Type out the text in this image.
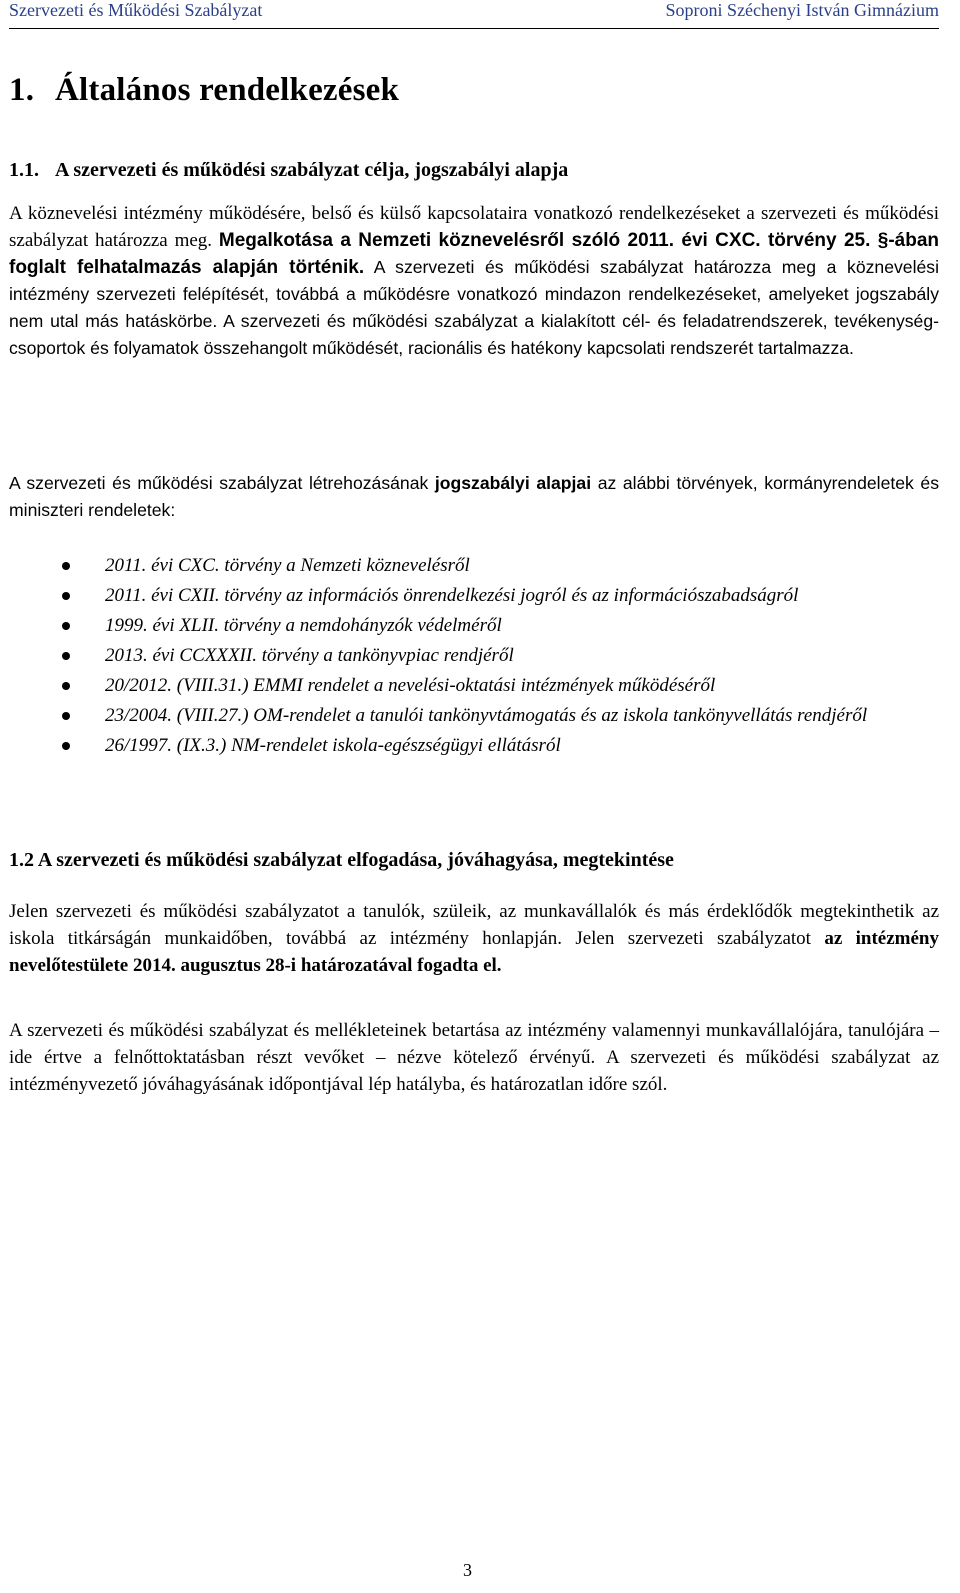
Szervezeti és Működési Szabályzat	Soproni Széchenyi István Gimnázium
1. Általános rendelkezések
1.1. A szervezeti és működési szabályzat célja, jogszabályi alapja

A köznevelési intézmény működésére, belső és külső kapcsolataira vonatkozó rendelkezéseket a szervezeti és működési szabályzat határozza meg. Megalkotása a Nemzeti köznevelésről szóló 2011. évi CXC. törvény 25. §-ában foglalt felhatalmazás alapján történik. A szervezeti és működési szabályzat határozza meg a köznevelési intézmény szervezeti felépítését, továbbá a működésre vonatkozó mindazon rendelkezéseket, amelyeket jogszabály nem utal más hatáskörbe. A szervezeti és működési szabályzat a kialakított cél- és feladatrendszerek, tevékenység-csoportok és folyamatok összehangolt működését, racionális és hatékony kapcsolati rendszerét tartalmazza.

A szervezeti és működési szabályzat létrehozásának jogszabályi alapjai az alábbi törvények, kormányrendeletek és miniszteri rendeletek:

2011. évi CXC. törvény a Nemzeti köznevelésről
2011. évi CXII. törvény az információs önrendelkezési jogról és az információszabadságról
1999. évi XLII. törvény a nemdohányzók védelméről
2013. évi CCXXXII. törvény a tankönyvpiac rendjéről
20/2012. (VIII.31.) EMMI rendelet a nevelési-oktatási intézmények működéséről
23/2004. (VIII.27.) OM-rendelet a tanulói tankönyvtámogatás és az iskola tankönyvellátás rendjéről
26/1997. (IX.3.) NM-rendelet iskola-egészségügyi ellátásról
1.2 A szervezeti és működési szabályzat elfogadása, jóváhagyása, megtekintése

Jelen szervezeti és működési szabályzatot a tanulók, szüleik, az munkavállalók és más érdeklődők megtekinthetik az iskola titkárságán munkaidőben, továbbá az intézmény honlapján. Jelen szervezeti szabályzatot az intézmény nevelőtestülete 2014. augusztus 28-i határozatával fogadta el.

A szervezeti és működési szabályzat és mellékleteinek betartása az intézmény valamennyi munkavállalójára, tanulójára – ide értve a felnőttoktatásban részt vevőket – nézve kötelező érvényű. A szervezeti és működési szabályzat az intézményvezető jóváhagyásának időpontjával lép hatályba, és határozatlan időre szól.

3
